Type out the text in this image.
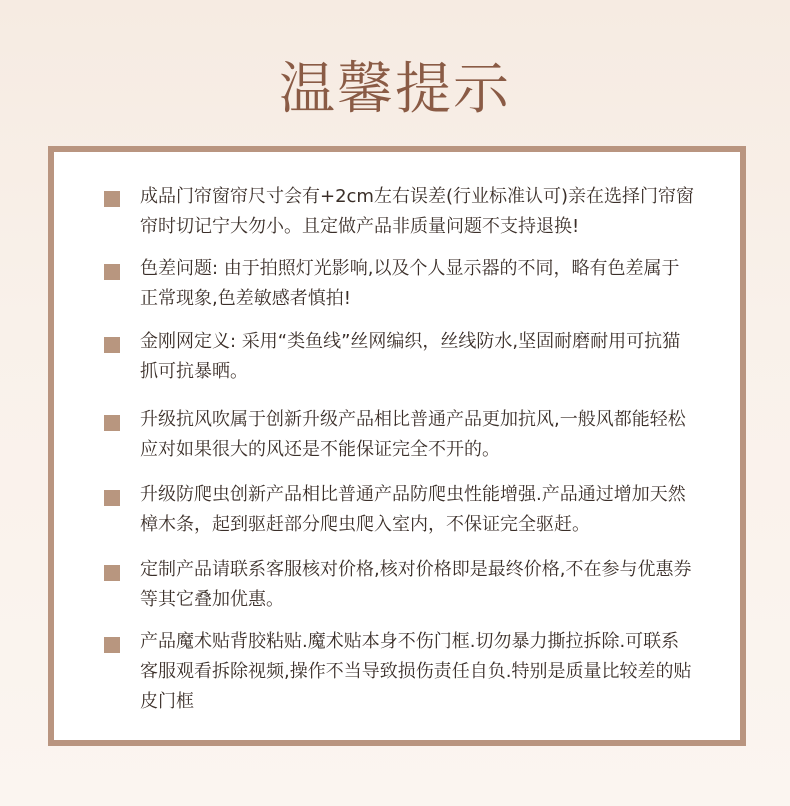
温馨提示

成品门帘窗帘尺寸会有+2cm左右误差(行业标准认可)亲在选择门帘窗帘时切记宁大勿小。且定做产品非质量问题不支持退换!

色差问题: 由于拍照灯光影响,以及个人显示器的不同，略有色差属于正常现象,色差敏感者慎拍!

金刚网定义: 采用“类鱼线”丝网编织，丝线防水,坚固耐磨耐用可抗猫抓可抗暴晒。

升级抗风吹属于创新升级产品相比普通产品更加抗风,一般风都能轻松应对如果很大的风还是不能保证完全不开的。

升级防爬虫创新产品相比普通产品防爬虫性能增强.产品通过增加天然樟木条，起到驱赶部分爬虫爬入室内，不保证完全驱赶。

定制产品请联系客服核对价格,核对价格即是最终价格,不在参与优惠券等其它叠加优惠。

产品魔术贴背胶粘贴.魔术贴本身不伤门框.切勿暴力撕拉拆除.可联系客服观看拆除视频,操作不当导致损伤责任自负.特别是质量比较差的贴皮门框
